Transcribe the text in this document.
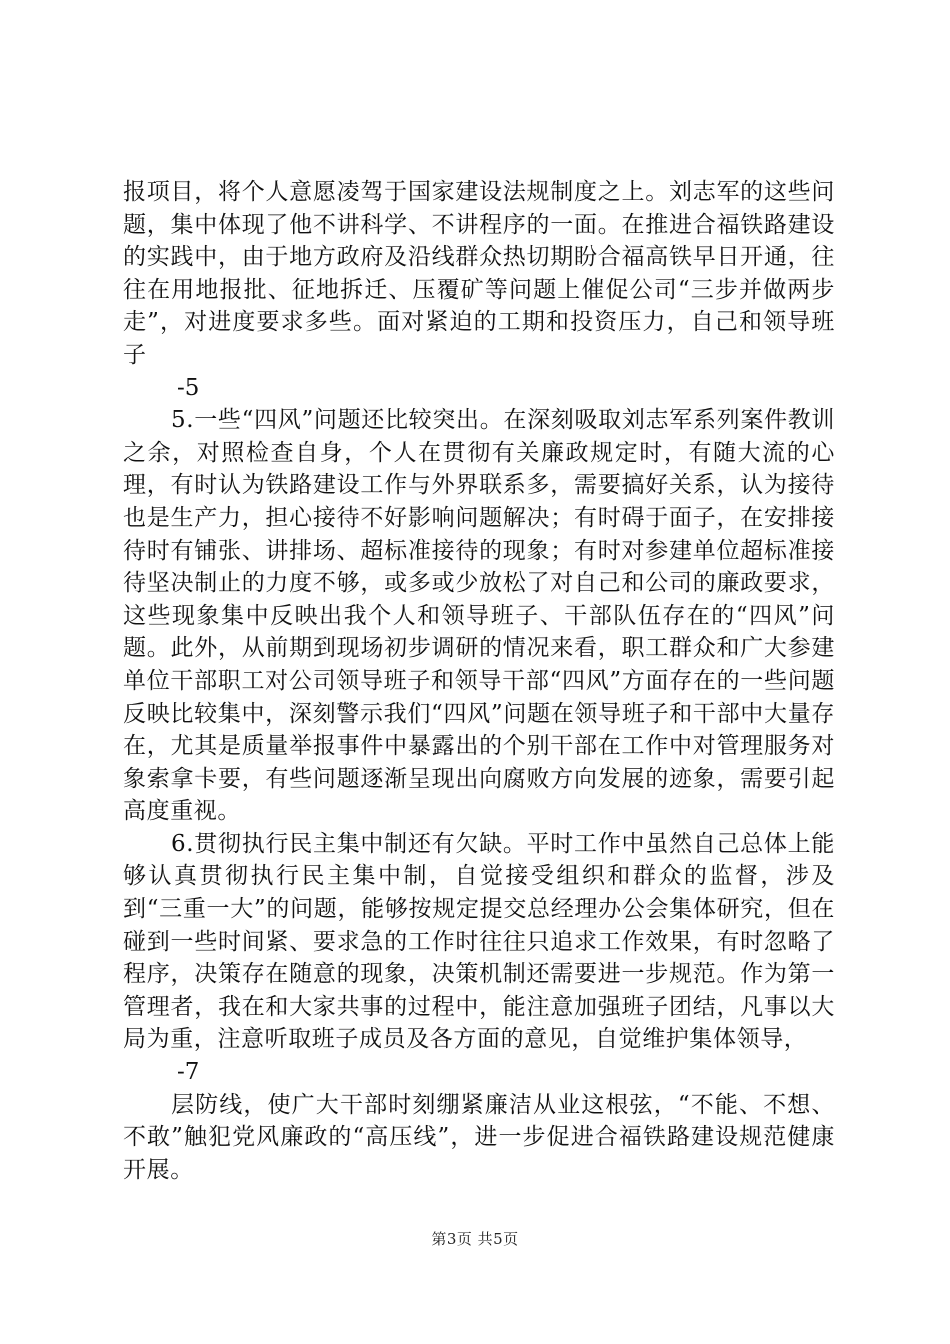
报项目，将个人意愿凌驾于国家建设法规制度之上。刘志军的这些问题，集中体现了他不讲科学、不讲程序的一面。在推进合福铁路建设的实践中，由于地方政府及沿线群众热切期盼合福高铁早日开通，往往在用地报批、征地拆迁、压覆矿等问题上催促公司“三步并做两步走”，对进度要求多些。面对紧迫的工期和投资压力，自己和领导班子

-5

5.一些“四风”问题还比较突出。在深刻吸取刘志军系列案件教训之余，对照检查自身，个人在贯彻有关廉政规定时，有随大流的心理，有时认为铁路建设工作与外界联系多，需要搞好关系，认为接待也是生产力，担心接待不好影响问题解决；有时碍于面子，在安排接待时有铺张、讲排场、超标准接待的现象；有时对参建单位超标准接待坚决制止的力度不够，或多或少放松了对自己和公司的廉政要求，这些现象集中反映出我个人和领导班子、干部队伍存在的“四风”问题。此外，从前期到现场初步调研的情况来看，职工群众和广大参建单位干部职工对公司领导班子和领导干部“四风”方面存在的一些问题反映比较集中，深刻警示我们“四风”问题在领导班子和干部中大量存在，尤其是质量举报事件中暴露出的个别干部在工作中对管理服务对象索拿卡要，有些问题逐渐呈现出向腐败方向发展的迹象，需要引起高度重视。

6.贯彻执行民主集中制还有欠缺。平时工作中虽然自己总体上能够认真贯彻执行民主集中制，自觉接受组织和群众的监督，涉及到“三重一大”的问题，能够按规定提交总经理办公会集体研究，但在碰到一些时间紧、要求急的工作时往往只追求工作效果，有时忽略了程序，决策存在随意的现象，决策机制还需要进一步规范。作为第一管理者，我在和大家共事的过程中，能注意加强班子团结，凡事以大局为重，注意听取班子成员及各方面的意见，自觉维护集体领导，

-7

层防线，使广大干部时刻绷紧廉洁从业这根弦，“不能、不想、不敢”触犯党风廉政的“高压线”，进一步促进合福铁路建设规范健康开展。

第3页 共5页
